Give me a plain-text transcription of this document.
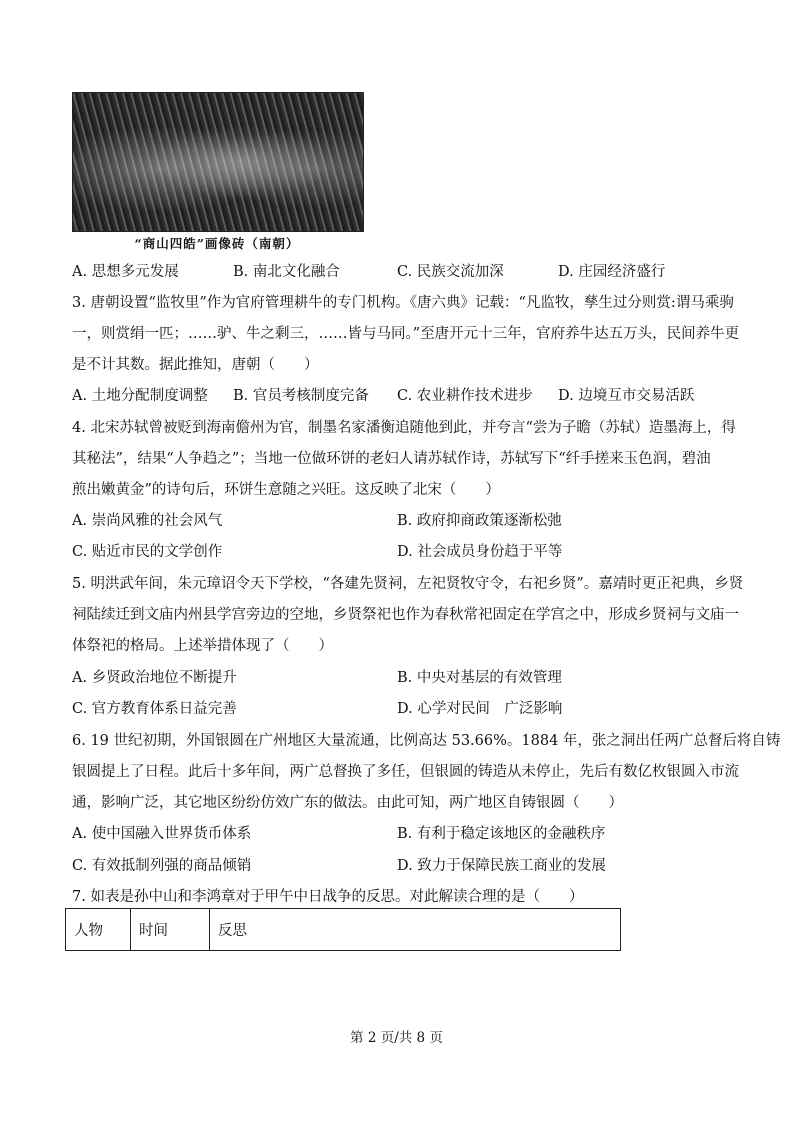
“商山四皓”画像砖（南朝）
A. 思想多元发展	B. 南北文化融合	C. 民族交流加深	D. 庄园经济盛行
3. 唐朝设置“监牧里”作为官府管理耕牛的专门机构。《唐六典》记载：“凡监牧，孳生过分则赏:谓马乘驹
一，则赏绢一匹；……驴、牛之剩三，……皆与马同。”至唐开元十三年，官府养牛达五万头，民间养牛更
是不计其数。据此推知，唐朝（　　）
A. 土地分配制度调整 B. 官员考核制度完备 C. 农业耕作技术进步 D. 边境互市交易活跃
4. 北宋苏轼曾被贬到海南儋州为官，制墨名家潘衡追随他到此，并夸言“尝为子瞻（苏轼）造墨海上，得
其秘法”，结果“人争趋之”；当地一位做环饼的老妇人请苏轼作诗，苏轼写下“纤手搓来玉色润，碧油
煎出嫩黄金”的诗句后，环饼生意随之兴旺。这反映了北宋（　　）
A. 崇尚风雅的社会风气	B. 政府抑商政策逐渐松弛
C. 贴近市民的文学创作	D. 社会成员身份趋于平等
5. 明洪武年间，朱元璋诏令天下学校，“各建先贤祠，左祀贤牧守令，右祀乡贤”。嘉靖时更正祀典，乡贤
祠陆续迁到文庙内州县学宫旁边的空地，乡贤祭祀也作为春秋常祀固定在学宫之中，形成乡贤祠与文庙一
体祭祀的格局。上述举措体现了（　　）
A. 乡贤政治地位不断提升	B. 中央对基层的有效管理
C. 官方教育体系日益完善	D. 心学对民间　广泛影响
6. 19 世纪初期，外国银圆在广州地区大量流通，比例高达 53.66%。1884 年，张之洞出任两广总督后将自铸
银圆提上了日程。此后十多年间，两广总督换了多任，但银圆的铸造从未停止，先后有数亿枚银圆入市流
通，影响广泛，其它地区纷纷仿效广东的做法。由此可知，两广地区自铸银圆（　　）
A. 使中国融入世界货币体系	B. 有利于稳定该地区的金融秩序
C. 有效抵制列强的商品倾销	D. 致力于保障民族工商业的发展
7. 如表是孙中山和李鸿章对于甲午中日战争的反思。对此解读合理的是（　　）
人物	时间	反思
第 2 页/共 8 页
